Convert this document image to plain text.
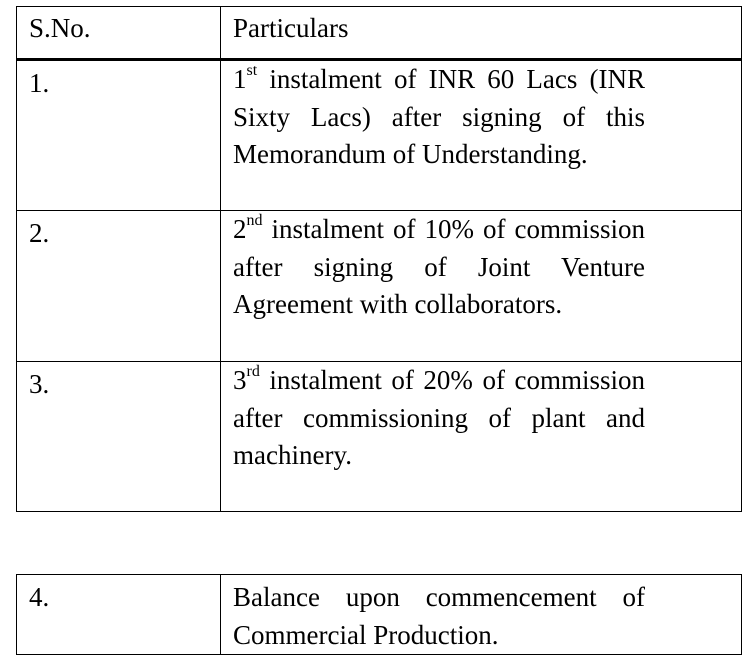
S.No.	Particulars
1.	1st instalment of INR 60 Lacs (INR Sixty Lacs) after signing of this Memorandum of Understanding.
2.	2nd instalment of 10% of commission after signing of Joint Venture Agreement with collaborators.
3.	3rd instalment of 20% of commission after commissioning of plant and machinery.
4.	Balance upon commencement of Commercial Production.
